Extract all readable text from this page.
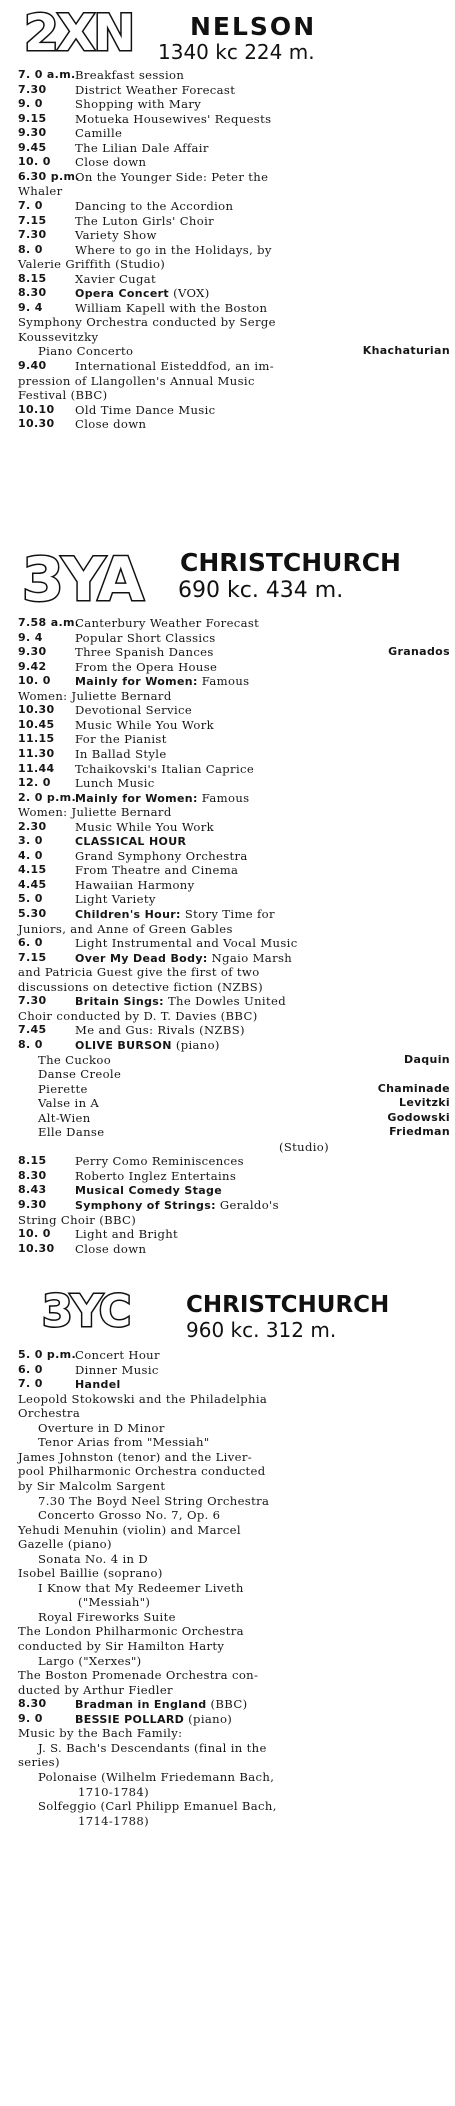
2XN NELSON
1340 kc 224 m.
7. 0 a.m. Breakfast session
7.30 District Weather Forecast
9. 0	Shopping with Mary
9.15 Motueka Housewives' Requests
9.30 Camille
9.45 The Lilian Dale Affair
10. 0 Close down
6.30 p.m.
On the Younger Side: Peter the
Whaler
7. 0	Dancing to the Accordion
7.15 The Luton Girls' Choir
7.30 Variety Show
8. 0	Where to go in the Holidays, by
Valerie Griffith (Studio)
8.15 Xavier Cugat
8.30	Opera Concert (VOX)
9. 4	William Kapell with the Boston
Symphony Orchestra conducted by Serge
Koussevitzky
Piano Concerto	Khachaturian
9.40 International Eisteddfod, an im-
pression of Llangollen's Annual Music
Festival (BBC)
10.10 Old Time Dance Music
10.30 Close down
3YA CHRISTCHURCH
690 kc. 434 m.
7.58 a.m.
Canterbury Weather Forecast
9. 4	Popular Short Classics
9.30 Three Spanish Dances	Granados
9.42 From the Opera House
10. 0 Mainly for Women: Famous
Women: Juliette Bernard
10.30 Devotional Service
10.45 Music While You Work
11.15 For the Pianist
11.30 In Ballad Style
11.44 Tchaikovski's Italian Caprice
12. 0 Lunch Music
2. 0 p.m. Mainly for Women: Famous
Women: Juliette Bernard
2.30 Music While You Work
3. 0	CLASSICAL HOUR
4. 0	Grand Symphony Orchestra
4.15 From Theatre and Cinema
4.45 Hawaiian Harmony
5. 0	Light Variety
5.30	Children's Hour: Story Time for
Juniors, and Anne of Green Gables
6. 0	Light Instrumental and Vocal Music
7.15	Over My Dead Body: Ngaio Marsh
and Patricia Guest give the first of two
discussions on detective fiction (NZBS)
7.30	Britain Sings: The Dowles United
Choir conducted by D. T. Davies (BBC)
7.45 Me and Gus: Rivals (NZBS)
8. 0	OLIVE BURSON (piano)
The Cuckoo	Daquin
Danse Creole
Pierette	Chaminade
Valse in A	Levitzki
Alt-Wien	Godowski
Elle Danse	Friedman
(Studio)
8.15 Perry Como Reminiscences
8.30 Roberto Inglez Entertains
8.43	Musical Comedy Stage
9.30	Symphony of Strings: Geraldo's
String Choir (BBC)
10. 0 Light and Bright
10.30 Close down
3YC CHRISTCHURCH
960 kc. 312 m.
5. 0 p.m. Concert Hour
6. 0	Dinner Music
7. 0	Handel
Leopold Stokowski and the Philadelphia
Orchestra
Overture in D Minor
Tenor Arias from "Messiah"
James Johnston (tenor) and the Liver-
pool Philharmonic Orchestra conducted
by Sir Malcolm Sargent
7.30 The Boyd Neel String Orchestra
Concerto Grosso No. 7, Op. 6
Yehudi Menuhin (violin) and Marcel
Gazelle (piano)
Sonata No. 4 in D
Isobel Baillie (soprano)
I Know that My Redeemer Liveth
("Messiah")
Royal Fireworks Suite
The London Philharmonic Orchestra
conducted by Sir Hamilton Harty
Largo ("Xerxes")
The Boston Promenade Orchestra con-
ducted by Arthur Fiedler
8.30	Bradman in England (BBC)
9. 0	BESSIE POLLARD (piano)
Music by the Bach Family:
J. S. Bach's Descendants (final in the
series)
Polonaise (Wilhelm Friedemann Bach,
1710-1784)
Solfeggio (Carl Philipp Emanuel Bach,
1714-1788)
